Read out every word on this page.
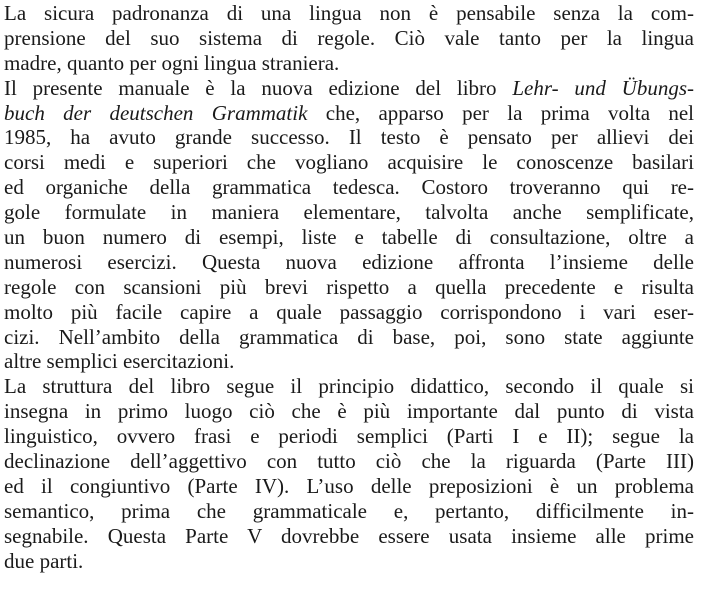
La sicura padronanza di una lingua non è pensabile senza la com-
prensione del suo sistema di regole. Ciò vale tanto per la lingua
madre, quanto per ogni lingua straniera.
Il presente manuale è la nuova edizione del libro Lehr- und Übungs-
buch der deutschen Grammatik che, apparso per la prima volta nel
1985, ha avuto grande successo. Il testo è pensato per allievi dei
corsi medi e superiori che vogliano acquisire le conoscenze basilari
ed organiche della grammatica tedesca. Costoro troveranno qui re-
gole formulate in maniera elementare, talvolta anche semplificate,
un buon numero di esempi, liste e tabelle di consultazione, oltre a
numerosi esercizi. Questa nuova edizione affronta l’insieme delle
regole con scansioni più brevi rispetto a quella precedente e risulta
molto più facile capire a quale passaggio corrispondono i vari eser-
cizi. Nell’ambito della grammatica di base, poi, sono state aggiunte
altre semplici esercitazioni.
La struttura del libro segue il principio didattico, secondo il quale si
insegna in primo luogo ciò che è più importante dal punto di vista
linguistico, ovvero frasi e periodi semplici (Parti I e II); segue la
declinazione dell’aggettivo con tutto ciò che la riguarda (Parte III)
ed il congiuntivo (Parte IV). L’uso delle preposizioni è un problema
semantico, prima che grammaticale e, pertanto, difficilmente in-
segnabile. Questa Parte V dovrebbe essere usata insieme alle prime
due parti.
